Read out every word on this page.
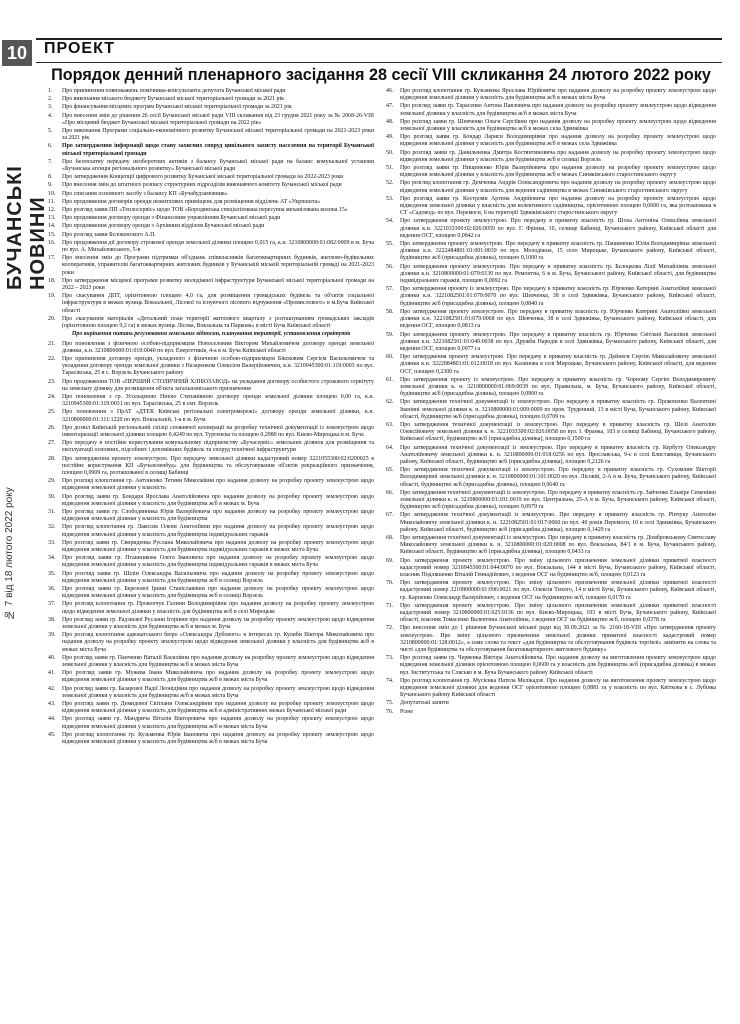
10
БУЧАНСЬКІ НОВИНИ
№ 7 від 18 лютого 2022 року
ПРОЕКТ
Порядок денний пленарного засідання 28 сесії VIII скликання 24 лютого 2022 року
1.	Про припинення повноважень помічника-консультанта депутата Бучанської міської ради
2.	Про виконання міського бюджету Бучанської міської територіальної громади за 2021 рік
3.	Про фінансування місцевих програм Бучанської міської територіальної громади за 2021 рік
4.	Про внесення змін до рішення 26 сесії Бучанської міської ради VIII скликання від 23 грудня 2021 року за № 2068-26-VIII «Про місцевий бюджет Бучанської міської територіальної громади на 2022 рік»
5.	Про виконання Програми соціально-економічного розвитку Бучанської міської територіальної громади на 2021-2023 роки за 2021 рік
6.	Про затвердження інформації щодо стану захисних споруд цивільного захисту населення на території Бучанської міської територіальної громади
7.	Про безоплатну передачу необоротних активів з балансу Бучанської міської ради на баланс комунальної установи «Бучанська агенція регіонального розвитку» Бучанської міської ради
8.	Про затвердження Концепції цифрового розвитку Бучанської міської територіальної громади на 2022-2023 роки
9.	Про внесення змін до штатного розпису структурних підрозділів виконавчого комітету Бучанської міської ради
10.	Про списання основного засобу з балансу КП «Бучабудзамовник»
11.	Про продовження договорів оренди нежитлових приміщень для розміщення відділень АТ «Укрпошта»
12.	Про розгляд заяви ПП «Теплосервіс» щодо ТОВ «Бородянська спеціалізована пересувна механізована колона 15»
13.	Про продовження договору оренди з Фінансовим управлінням Бучанської міської ради
14.	Про продовження договору оренди з Архівним відділом Бучанської міської ради
15.	Про розгляд заяви Бєлоконского А.П.
16.	Про продовження дії договору строкової оренди земельної ділянки площею 0,015 га, к.н. 3210800000:01:082:0009 в м. Буча по вул. А. Михайловського, 5-в
17.	Про внесення змін до Програми підтримки об'єднань співвласників багатоквартирних будинків, житлово-будівельних кооперативів, управителів багатоквартирних житлових будинків у Бучанській міській територіальній громаді на 2021-2023 роки
18.	Про затвердження місцевої програми розвитку молодіжної інфраструктури Бучанської міської територіальної громади на 2022 – 2023 роки
19.	Про скасування ДПТ, орієнтовною площею 4,0 га, для розміщення громадських будівель та об'єктів соціальної інфраструктури в межах вулиць Вокзальної, Лісової та існуючого лісового відчуження «Промислового» в м.Буча Київської області
20.	Про скасування матеріалів «Детальний план території житлового кварталу з розташуванням громадських закладів (орієнтовною площею 9,2 га) в межах вулиць Лісова, Вокзальна та Паркова» в місті Буча Київської області
Про вирішення питань регулювання земельних відносин, планування території, установлення сервітутів
21.	Про поновлення з фізичною особою-підприємцем Новоселовим Віктором Михайловичем договору оренди земельної ділянки, к.н. 3210800000:01:010:0040 по вул. Енергетиків, 4-а в м. Буча Київської області
22.	Про припинення договору оренди, укладеного з фізичною особою-підприємцем Біксковим Сергієм Васильовичем та укладення договору оренди земельної ділянки з Назаренком Олексієм Валерійовичем, к.н. 3210945300:01:119:0003 по вул. Тарасівська, 25 в с. Ворзель Бучанського району
23.	Про продовження ТОВ «ПЕРШИЙ СТОЛИЧНИЙ ХЛІБОЗАВОД» на укладання договору особистого строкового сервітуту на земельну ділянку для розміщення об'єкта загальноміського призначення
24.	Про поновлення з гр. Усольцевою Ніною Степанівною договору оренди земельної ділянки площею 0,00 га, к.н. 3210945300:01:119:0031 по вул. Тарасівська, 25 в смт. Ворзель
25.	Про поновлення з ПрАТ «ДТЕК Київські регіональні електромережі» договору оренди земельної ділянки, к.н. 3210800000:01:111:1220 по вул. Вокзальній, 1-а в м. Буча
26.	Про дозвіл Київській регіональній спілці споживчої кооперації на розробку технічної документації із землеустрою щодо інвентаризації земельної ділянки площею 0,4249 по вул. Тургенєва та площею 0,2980 по вул. Києво-Мироцька в м. Буча
27.	Про передачу в постійне користування комунальному підприємству «Бучасервіс» земельних ділянок для розміщення та експлуатації основних, підсобних і допоміжних будівель та споруд технічної інфраструктури
28.	Про затвердження проекту землеустрою. Про передачу земельної ділянки кадастровий номер 3221055300:02:0200025 в постійне користування КП «Бучазеленбуд» для будівництва та обслуговування об'єктів рекреаційного призначення, площею 0,0909 га, розташованої в селищі Бабинці
29.	Про розгляд клопотання гр. Антоненко Тетяни Миколаївни про надання дозволу на розробку проекту землеустрою щодо відведення земельної ділянки у власність
30.	Про розгляд заяви гр. Бондаря Ярослава Анатолійовича про надання дозволу на розробку проекту землеустрою щодо відведення земельної ділянки у власність для будівництва ж/б в межах м. Буча
31.	Про розгляд заяви гр. Слободянника Юрія Валерійовича про надання дозволу на розробку проекту землеустрою щодо відведення земельної ділянки у власність для будівництва
32.	Про розгляд клопотання гр. Лакосик Олени Анатоліївни про надання дозволу на розробку проекту землеустрою щодо відведення земельної ділянки у власність для будівництва індивідуальних гаражів
33.	Про розгляд заяви гр. Свириденка Руслана Миколайовича про надання дозволу на розробку проекту землеустрою щодо відведення земельної ділянки у власність для будівництва індивідуальних гаражів в межах міста Буча
34.	Про розгляд заяви гр. Пташникова Олега Івановича про надання дозволу на розробку проекту землеустрою щодо відведення земельної ділянки у власність для будівництва індивідуальних гаражів в межах міста Буча
35.	Про розгляд заяви гр. Шілін Олександра Васильовича про надання дозволу на розробку проекту землеустрою щодо відведення земельної ділянки у власність для будівництва ж/б в селищі Ворзель
36.	Про розгляд заяви гр. Березової Ірини Станіславівни про надання дозволу на розробку проекту землеустрою щодо відведення земельної ділянки у власність для будівництва ж/б в селищі Ворзель
37.	Про розгляд клопотання гр. Прокопчук Галини Володимирівни про надання дозволу на розробку проекту землеустрою щодо відведення земельної ділянки у власність для будівництва ж/б в селі Мироцьке
38.	Про розгляд заяви гр. Радзиєвої Руслани Ігорівни про надання дозволу на розробку проекту землеустрою щодо відведення земельної ділянки у власність для будівництва ж/б в межах м. Буча
39.	Про розгляд клопотання адвокатського бюро «Олександра Дубового» в інтересах гр. Кулиби Віктора Миколайовича про надання дозволу на розробку проекту землеустрою щодо відведення земельної ділянки у власність для будівництва ж/б в межах міста Буча
40.	Про розгляд заяви гр. Панченко Наталії Василівни про надання дозволу на розробку проекту землеустрою щодо відведення земельної ділянки у власність для будівництва ж/б в межах міста Буча
41.	Про розгляд заяви гр. Мужева Івана Миколайовича про надання дозволу на розробку проекту землеустрою щодо відведення земельної ділянки у власність для будівництва ж/б в межах міста Буча
42.	Про розгляд заяви гр. Базарової Надії Леонідівни про надання дозволу на розробку проекту землеустрою щодо відведення земельної ділянки у власність для будівництва ж/б в межах міста Буча
43.	Про розгляд заяви гр. Демидової Світлани Олександрівни про надання дозволу на розробку проекту землеустрою щодо відведення земельної ділянки у власність для будівництва ж/б в адміністративних межах Бучанської міської ради
44.	Про розгляд заяви гр. Мандрича Віталія Вікторовича про надання дозволу на розробку проекту землеустрою щодо відведення земельної ділянки у власність для будівництва ж/б в межах міста Буча
45.	Про розгляд клопотання гр. Кузьменка Юрія Івановича про надання дозволу на розробку проекту землеустрою щодо відведення земельної ділянки у власність для будівництва ж/б в межах міста Буча
46.	Про розгляд клопотання гр. Кузьменка Ярослава Юрійовича про надання дозволу на розробку проекту землеустрою щодо відведення земельної ділянки у власність для будівництва ж/б в межах міста Буча
47.	Про розгляд заяви гр. Тарасенко Антона Павловича про надання дозволу на розробку проекту землеустрою щодо відведення земельної ділянки у власність для будівництва ж/б в межах міста Буча
48.	Про розгляд заяви гр. Шевченко Ольги Сергіївни про надання дозволу на розробку проекту землеустрою щодо відведення земельної ділянки у власність для будівництва ж/б в межах села Здвижівка
49.	Про розгляд заяви гр. Бондар Лариси Володимирівни про надання дозволу на розробку проекту землеустрою щодо відведення земельної ділянки у власність для будівництва ж/б в межах села Здвижівка
50.	Про розгляд заяви гр. Данильченка Дмитра Костянтиновича про надання дозволу на розробку проекту землеустрою щодо відведення земельної ділянки у власність для будівництва ж/б в селищі Ворзель
51.	Про розгляд заяви гр. Нищеменко Юрія Валерійовича про надання дозволу на розробку проекту землеустрою щодо відведення земельної ділянки у власність для будівництва ж/б в межах Синяківського старостинського округу
52.	Про розгляд клопотання гр. Демченка Андрія Олександровича про надання дозволу на розробку проекту землеустрою щодо відведення земельної ділянки у власність для ведення садівництва в межах Синяківського старостинського округу
53.	Про розгляд заяви гр. Костроми Артема Андрійовича про надання дозволу на розробку проекту землеустрою щодо відведення земельної ділянки у власність для колективного садівництва, орієнтовною площею 0,0600 га, яка розташована в СТ «Садовод» по вул. Перемоги, 6 на території Здвижівського старостинського округу
54.	Про затвердження проекту землеустрою. Про передачу в приватну власність гр. Шоха Антоніна Олексіївна земельної ділянки к.н. 3221033300:02:026:0059 по вул. Г. Фрінки, 10, селище Бабинці, Бучанського району, Київської області для ведення ОСГ, площею 0,0842 га
55.	Про затвердження проекту землеустрою. Про передачу в приватну власність гр. Пашиненко Юлія Володимирівна земельної ділянки к.н. 3222484801:01:001:0039 по вул. Молодіжна, 15 село Мироцьке, Бучанського району, Київської області, будівництво ж/б (присадибна ділянка), площею 0,1000 га
56.	Про затвердження проекту землеустрою. Про передачу в приватну власність гр. Бєлоцкова Лілії Михайлівна земельної ділянки к.н. 3210800000:01:079:0130 по вул. Ремонтна, 6 в м. Буча, Бучанського району, Київської області, для будівництва індивідуальних гаражів, площею 0,0092 га
57.	Про затвердження проекту із землеустрою. Про передачу в приватну власність гр. Юрченко Катерині Анатоліївні земельної ділянки к.н. 3221082501:01:079:0070 по вул. Шевченка, 38 в селі Здвижівка, Бучанського району, Київської області, будівництво ж/б (присадибна ділянка), площею 0,0840 га
58.	Про затвердження проекту землеустрою. Про передачу в приватну власність гр. Юрченко Катерині Анатоліївні земельної ділянки к.н. 3221082501:01:079:0068 по вул. Шевченка, 38 в селі Здвижівка, Бучанського району, Київської області, для ведення ОСГ, площею 0,0813 га
59.	Про затвердження проекту землеустрою. Про передачу в приватну власність гр. Юрченко Світлані Василівні земельної ділянки к.н. 3221082501:01:049:0038 по вул. Дружби Народів в селі Здвижівка, Бучанського району, Київської області, для ведення ОСГ, площею 0,0977 га
60.	Про затвердження проекту землеустрою. Про передачу в приватну власність гр. Дейнеги Сергію Миколайовичу земельної ділянки к.н. 3222884801:01:012:0018 по вул. Калинова в селі Мироцьке, Бучанського району, Київської області, для ведення ОСГ, площею 0,2300 га
61.	Про затвердження проекту із землеустрою. Про передачу в приватну власність гр. Чорному Сергію Володимировичу земельної ділянки к. н. 3210800000:01:069:0039 по вул. Правильна, м. Буча, Бучанського району, Київської області, будівництво ж/б (присадибна ділянка), площею 0,0900 га
62.	Про затвердження технічної документації із землеустрою. Про передачу в приватну власність гр. Прокопенко Валентині Іванівні земельної ділянки к. н. 3210800000:01:009:0009 по пров. Труденний, 13 в місті Буча, Бучанського району, Київської області, будівництво ж/б (присадибна ділянка), площею 0,0709 га
63.	Про затвердження технічної документації із землеустрою. Про передачу в приватну власність гр. Шелі Анатолію Олексійовичу земельної ділянки к. н. 3221033300:02:026:0058 по вул. І. Франка, 103 в селищі Бабинці, Бучанського району, Київської області, будівництво ж/б (присадибна ділянка), площею 0,1500 га
64.	Про затвердження технічної документації із землеустрою. Про передачу в приватну власність гр. Кербуту Олександру Анатолійовичу земельної ділянки к. н. 3210800000:01:018:0256 по вул. Ярославська, 9-є в селі Блиставиця, Бучанського району, Київської області, будівництво ж/б (присадибна ділянка), площею 0,2126 га
65.	Про затвердження технічної документації із землеустрою. Про передачу в приватну власність гр. Сухомлин Вікторії Володимирівні земельної ділянки к. н. 3210800000:01:101:0020 по вул. Лісовій, 2-А в м. Буча, Бучанського району, Київської області, будівництво ж/б (присадибна ділянка), площею 0,0640 га
66.	Про затвердження технічної документації із землеустрою. Про передачу в приватну власність гр. Зайченко Ельвіре Семенівні земельної ділянки к. н. 3210800000:01:101:0019 по вул. Центральна, 25-А в м. Буча, Бучанського району, Київської області, будівництво ж/б (присадибна ділянка), площею 0,0979 га
67.	Про затвердження технічної документації із землеустрою. Про передачу в приватну власність гр. Ріпчуку Анатолію Миколайовичу земельної ділянки к. н. 3221082501:01:017:0060 по вул. 40 років Перемоги, 10 в селі Здвижівка, Бучанського району, Київської області, будівництво ж/б (присадибна ділянка), площею 0,1429 га
68.	Про затвердження технічної документації із землеустрою. Про передачу в приватну власність гр. Домбровському Святославу Миколайовичу земельної ділянки к. н. 3210800000:01:020:0008 по вул. Вокзальна, 84/1 в м. Буча, Бучанського району, Київської області, будівництво ж/б (присадибна ділянка), площею 0,0433 га
69.	Про затвердження проекту землеустрою. Про зміну цільового призначення земельної ділянки приватної власності кадастровий номер 3210945300:01:044:0070 по вул. Вокзальна, 144 в місті Буча, Бучанського району, Київської області, власник Подляшенко Віталій Геннадійович, з ведення ОСГ на будівництво ж/б, площею 0,0123 га
70.	Про затвердження проекту землеустрою. Про зміну цільового призначення земельної ділянки приватної власності кадастровий номер 3210800000:01:096:0021 по вул. Олексія Тихого, 14 в місті Буча, Бучанського району, Київської області, гр. Карпенко Олександр Валерійович, з ведення ОСГ на будівництво ж/б, площею 0,0170 га
71.	Про затвердження проекту землеустрою. Про зміну цільового призначення земельної ділянки приватної власності кадастровий номер 3210800000:01:025:0136 по вул. Києво-Мироцька, 103 в місті Буча, Бучанського району, Київської області, власник Томасенко Валентина Анатоліївна, з ведення ОСГ на будівництво ж/б, площею 0,0378 га
72.	Про внесення змін до 1 рішення Бучанської міської ради від 30.09.2021 за № 2160-18-VIII «Про затвердження проекту землеустрою. Про зміну цільового призначення земельної ділянки приватної власності кадастровий номер 3210800000:01:128:0012», а саме слова та текст «для будівництва та обслуговування будівель торгівлі» замінити на слова та чисті «для будівництва та обслуговування багатоквартирного житлового будинку»
73.	Про розгляд заяви гр. Червенка Віктора Анатолійовича. Про надання дозволу на виготовлення проекту землеустрою щодо відведення земельної ділянки орієнтовною площею 0,0600 га у власність для будівництва ж/б (присадибна ділянка) в межах вул. Інститутська та Слясько в м. Буча Бучанського району Київської області
74.	Про розгляд клопотання гр. Мусієнка Натела Мелікадзе. Про надання дозволу на виготовлення проекту землеустрою щодо відведення земельної ділянки для ведення ОСГ орієнтовною площею 0,0881 га у власність по вул. Квіткова в с. Лубінка Бучанського району Київської області
75.	Депутатські запити
76.	Різне
